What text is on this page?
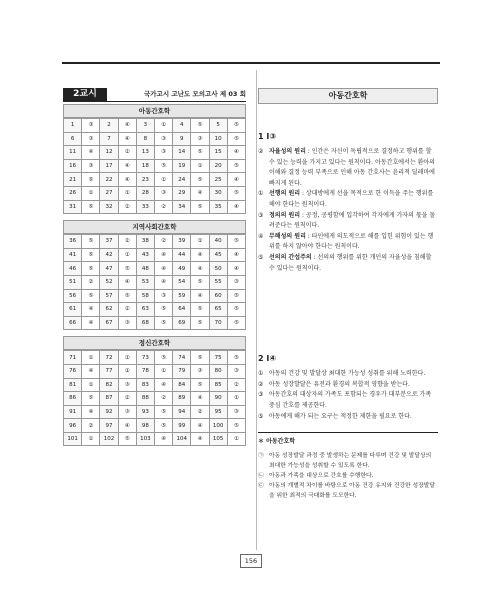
2교시	국가고시 고난도 모의고사 제 03 회
아동간호학
1	③	2	④	3	①	4	⑤	5	⑤
6	③	7	④	8	③	9	③	10	⑤
11	④	12	②	13	③	14	⑤	15	④
16	③	17	④	18	⑤	19	①	20	⑤
21	⑤	22	④	23	①	24	⑤	25	④
26	①	27	①	28	③	29	④	30	⑤
31	⑤	32	②	33	②	34	⑤	35	④
지역사회간호학
36	⑤	37	②	38	②	39	①	40	⑤
41	⑤	42	①	43	④	44	④	45	④
46	⑤	47	⑤	48	④	49	④	50	④
51	②	52	④	53	④	54	⑤	55	③
56	⑤	57	⑤	58	③	59	④	60	⑤
61	④	62	②	63	⑤	64	⑤	65	⑤
66	④	67	③	68	⑤	69	⑤	70	⑤
정신간호학
71	①	72	①	73	⑤	74	⑤	75	⑤
76	④	77	①	78	①	79	③	80	③
81	①	82	③	83	④	84	⑤	85	②
86	⑤	87	②	88	②	89	④	90	①
91	④	92	③	93	⑤	94	②	95	③
96	②	97	④	98	⑤	99	④	100	⑤
101	①	102	⑤	103	④	104	④	105	①
아동간호학
1 Ⅰ③
② 자율성의 원리 : 인간은 자신이 독립적으로 결정하고 행위를 할 수 있는 능력을 가지고 있다는 원칙이다. 아동간호에서는 환아의 이해와 결정 능력 부족으로 인해 아동 간호사는 윤리적 딜레마에 빠지게 된다.
① 선행의 원리 : 상대방에게 선을 목적으로 한 이득을 주는 행위를 해야 한다는 원칙이다.
③ 정의의 원리 : 공정, 공평함에 입각하여 각자에게 가자의 몫을 돌려준다는 원칙이다.
④ 무해성의 원리 : 타인에게 의도적으로 해를 입힌 위험이 있는 행위를 하지 않아야 한다는 원칙이다.
⑤ 선의의 간섭주의 : 선의의 행위를 위한 개인의 자율성을 침해할 수 있다는 원칙이다.
2 Ⅰ④
① 아동의 건강 및 발달상 최대한 가능성 성취를 위해 노력한다.
② 아동 성장발달은 유전과 환경의 복합적 영향을 받는다.
③ 아동간호의 대상자의 가족도 포함되는 경우가 대부분으로 가족 중심 간호를 제공한다.
⑤ 아동에게 해가 되는 요구는 적정한 제한을 필요로 한다.
＊ 아동간호학
㉠ 아동 성장발달 과정 중 발생하는 문제를 다루며 건강 및 발달상의 최대한 가능성을 성취할 수 있도록 한다.
㉡ 아동과 가족을 대상으로 간호를 수행한다.
㉢ 아동의 개별적 차이를 바탕으로 아동 건강 유지와 건강한 성장발달을 위한 최적의 극대화를 도모한다.
156
